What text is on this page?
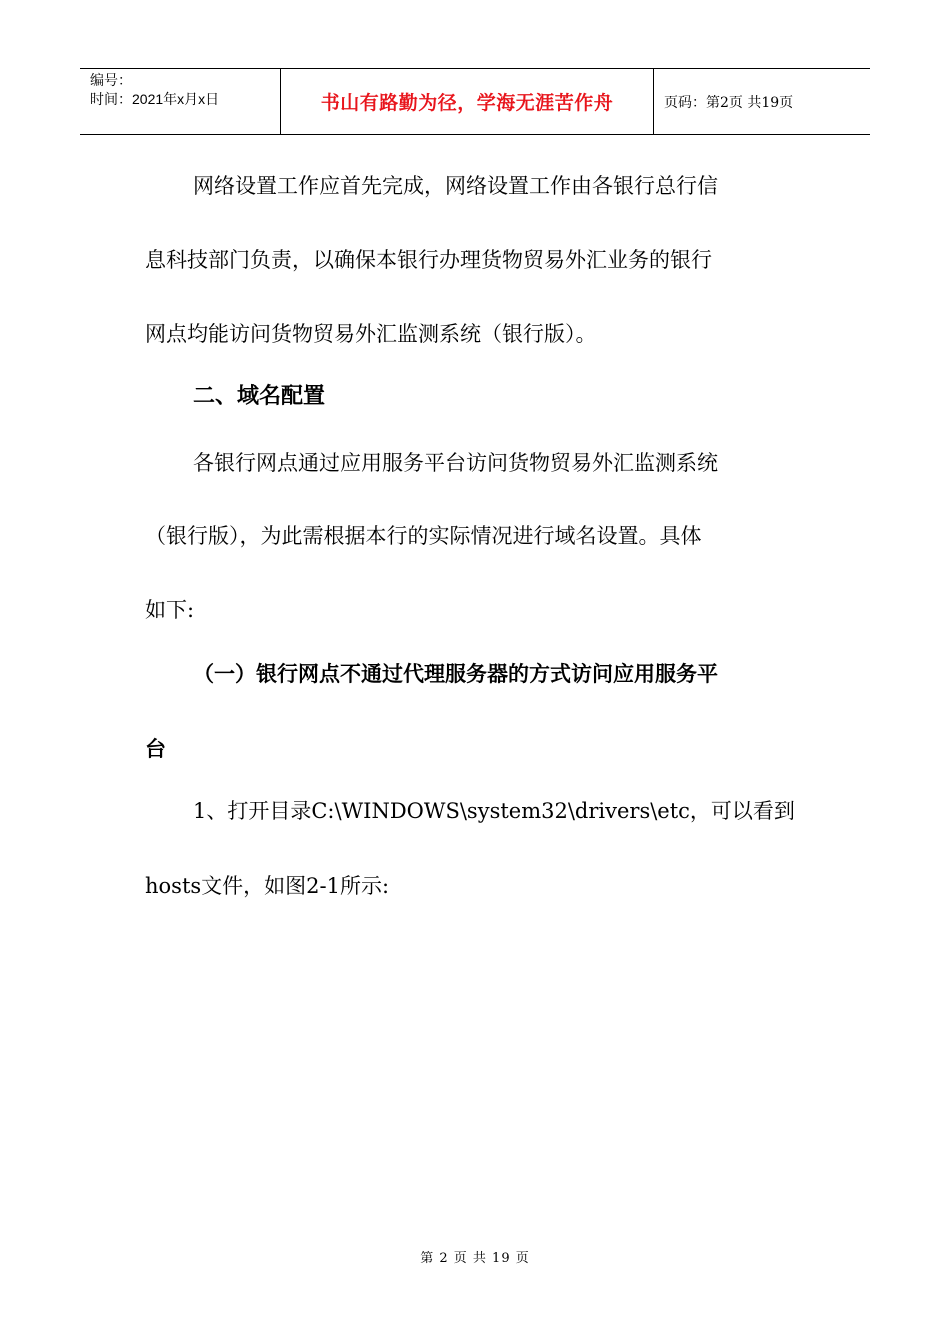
编号：
时间：2021年x月x日	书山有路勤为径，学海无涯苦作舟	页码：第2页 共19页
网络设置工作应首先完成，网络设置工作由各银行总行信
息科技部门负责，以确保本银行办理货物贸易外汇业务的银行
网点均能访问货物贸易外汇监测系统（银行版）。
二、域名配置
各银行网点通过应用服务平台访问货物贸易外汇监测系统
（银行版），为此需根据本行的实际情况进行域名设置。具体
如下:
（一）银行网点不通过代理服务器的方式访问应用服务平
台
1、打开目录C:\WINDOWS\system32\drivers\etc，可以看到
hosts文件，如图2-1所示:
第 2 页 共 19 页
